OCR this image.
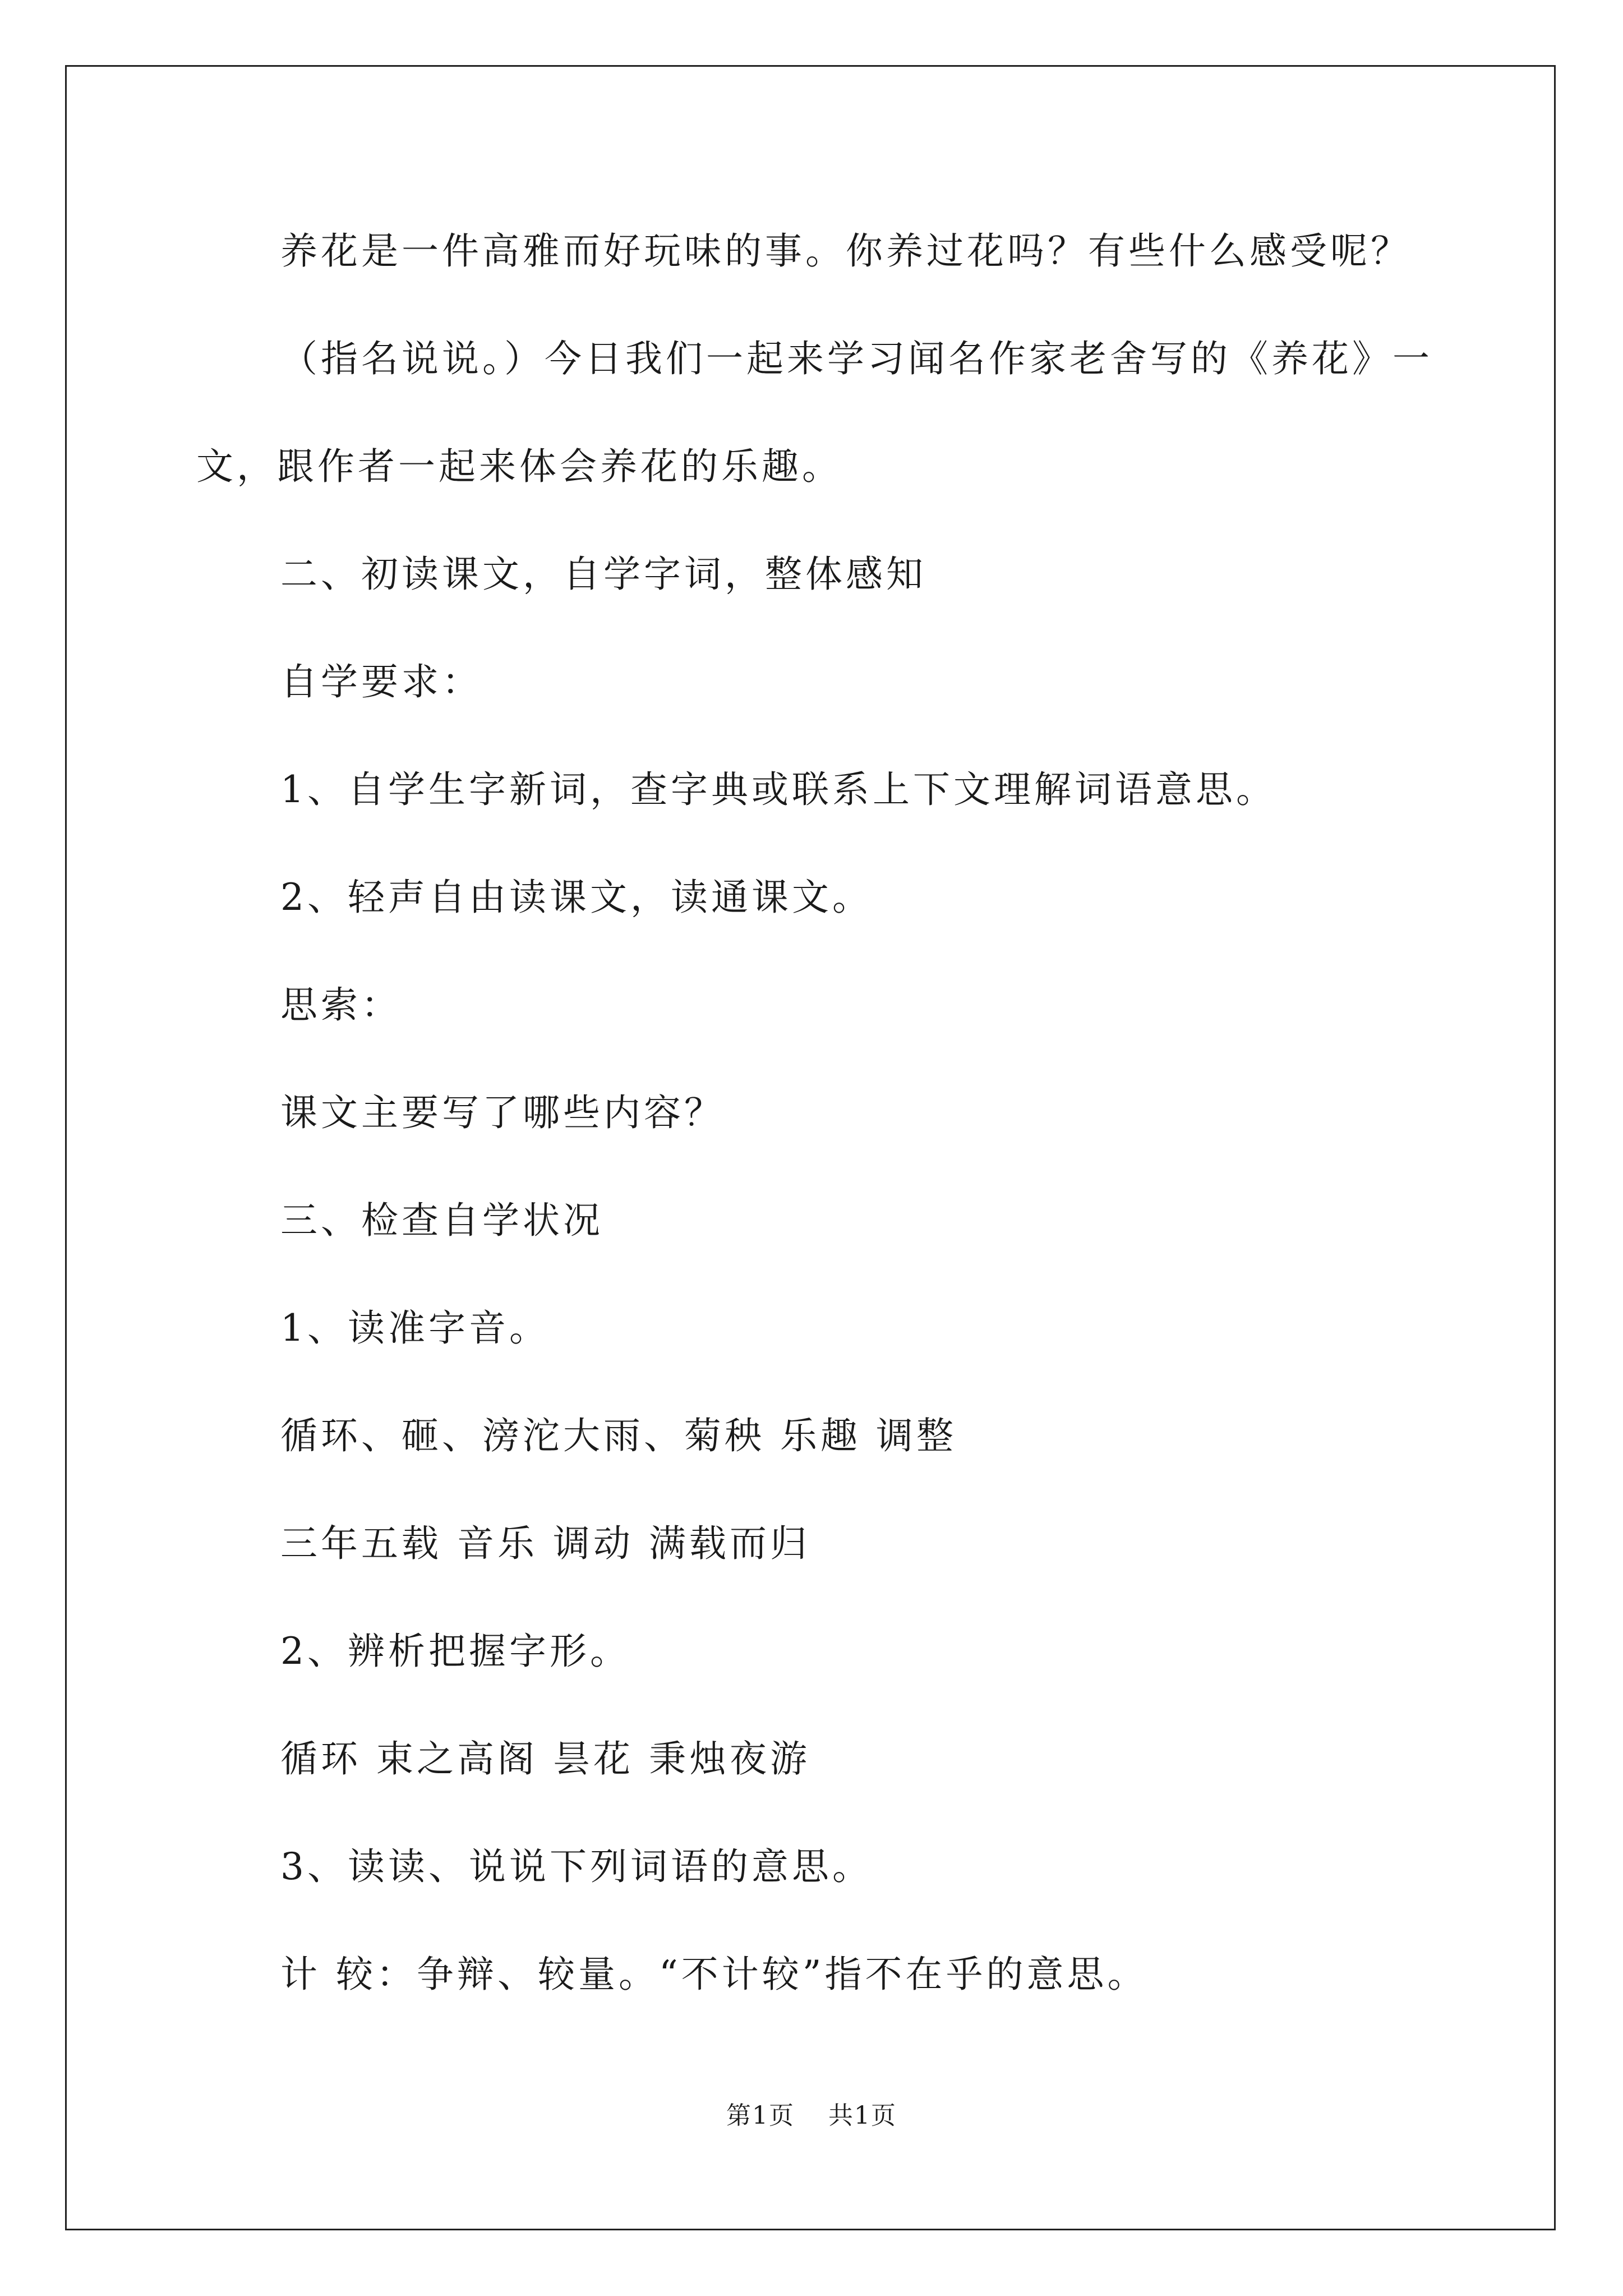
养花是一件高雅而好玩味的事。你养过花吗？有些什么感受呢？
（指名说说。）今日我们一起来学习闻名作家老舍写的《养花》一
文，跟作者一起来体会养花的乐趣。
二、初读课文，自学字词，整体感知
自学要求：
1、自学生字新词，查字典或联系上下文理解词语意思。
2、轻声自由读课文，读通课文。
思索：
课文主要写了哪些内容？
三、检查自学状况
1、读准字音。
循环、砸、滂沱大雨、菊秧 乐趣 调整
三年五载 音乐 调动 满载而归
2、辨析把握字形。
循环 束之高阁 昙花 秉烛夜游
3、读读、说说下列词语的意思。
计 较：争辩、较量。“不计较”指不在乎的意思。
第1页 共1页
